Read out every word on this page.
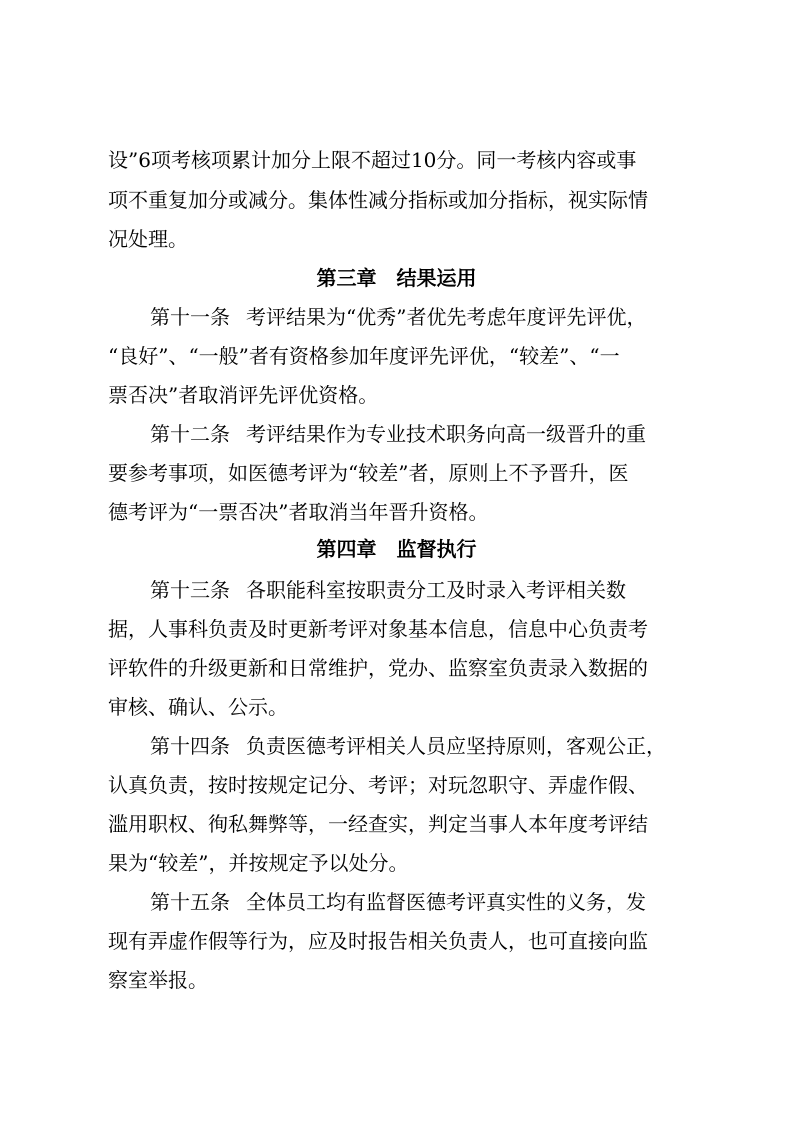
设”6项考核项累计加分上限不超过10分。同一考核内容或事
项不重复加分或减分。集体性减分指标或加分指标，视实际情
况处理。
第三章 结果运用
第十一条 考评结果为“优秀”者优先考虑年度评先评优，
“良好”、“一般”者有资格参加年度评先评优，“较差”、“一
票否决”者取消评先评优资格。
第十二条 考评结果作为专业技术职务向高一级晋升的重
要参考事项，如医德考评为“较差”者，原则上不予晋升，医
德考评为“一票否决”者取消当年晋升资格。
第四章 监督执行
第十三条 各职能科室按职责分工及时录入考评相关数
据，人事科负责及时更新考评对象基本信息，信息中心负责考
评软件的升级更新和日常维护，党办、监察室负责录入数据的
审核、确认、公示。
第十四条 负责医德考评相关人员应坚持原则，客观公正，
认真负责，按时按规定记分、考评；对玩忽职守、弄虚作假、
滥用职权、徇私舞弊等，一经查实，判定当事人本年度考评结
果为“较差”，并按规定予以处分。
第十五条 全体员工均有监督医德考评真实性的义务，发
现有弄虚作假等行为，应及时报告相关负责人，也可直接向监
察室举报。
